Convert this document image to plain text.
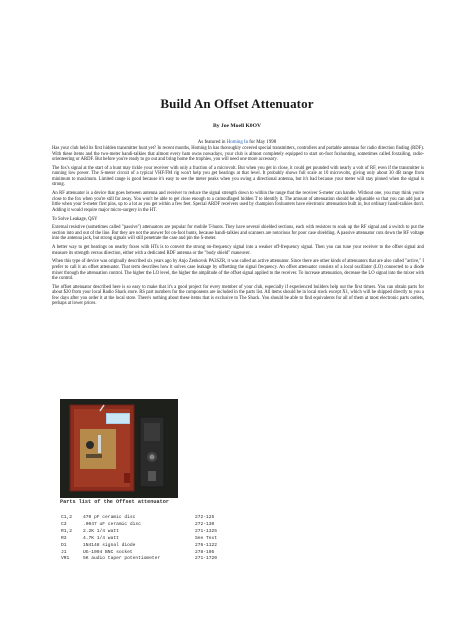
Build An Offset Attenuator
By Joe Moell K0OV
As featured in Homing In for May 1998

Has your club held its first hidden transmitter hunt yet? In recent months, Homing In has thoroughly covered special transmitters, controllers and portable antennas for radio direction finding (RDF). With these items and the two-meter handi-talkies that almost every ham owns nowadays, your club is almost completely equipped to start on-foot foxhunting, sometimes called foxtailing, radio-orienteering or ARDF. But before you're ready to go out and bring home the trophies, you will need one more accessory.

The fox's signal at the start of a hunt may tickle your receiver with only a fraction of a microvolt. But when you get in close, it could get pounded with nearly a volt of RF, even if the transmitter is running low power. The S-meter circuit of a typical VHF/FM rig won't help you get bearings at that level. It probably shows full scale at 10 microvolts, giving only about 30 dB range from minimum to maximum. Limited range is good because it's easy to see the meter peaks when you swing a directional antenna, but it's bad because your meter will stay pinned when the signal is strong.

An RF attenuator is a device that goes between antenna and receiver to reduce the signal strength down to within the range that the receiver S-meter can handle. Without one, you may think you're close to the fox when you're still far away. You won't be able to get close enough to a camouflaged hidden T to identify it. The amount of attenuation should be adjustable so that you can add just a little when your S-meter first pins, up to a lot as you get within a few feet. Special ARDF receivers used by champion foxhunters have electronic attenuation built in, but ordinary handi-talkies don't. Adding it would require major micro-surgery in the HT.

To Solve Leakage, QSY

External resistive (sometimes called "passive") attenuators are popular for mobile T-hunts. They have several shielded sections, each with resistors to soak up the RF signal and a switch to put the section into and out of the line. But they are not the answer for on-foot hunts, because handi-talkies and scanners are notorious for poor case shielding. A passive attenuator cuts down the RF voltage into the antenna jack, but strong signals will still penetrate the case and pin the S-meter.

A better way to get bearings on nearby foxes with HTs is to convert the strong on-frequency signal into a weaker off-frequency signal. Then you can tune your receiver to the offset signal and measure its strength versus direction, either with a dedicated RDF antenna or the "body shield" maneuver.

When this type of device was originally described six years ago by Anjo Zenkovsk PA3SZR, it was called an active attenuator. Since there are other kinds of attenuators that are also called "active," I prefer to call it an offset attenuator. That term describes how it solves case leakage by offsetting the signal frequency. An offset attenuator consists of a local oscillator (LO) connected to a diode mixer through the attenuation control. The higher the LO level, the higher the amplitude of the offset signal applied to the receiver. To increase attenuation, decrease the LO signal into the mixer with the control.

The offset attenuator described here is so easy to make that it's a good project for every member of your club, especially if experienced builders help out the first timers. You can obtain parts for about $20 from your local Radio Shack store. RS part numbers for the components are included in the parts list. All items should be in local stock except X1, which will be shipped directly to you a few days after you order it at the local store. There's nothing about these items that is exclusive to The Shack. You should be able to find equivalents for all of them at most electronic parts outlets, perhaps at lower prices.

Parts list of the Offset attenuator
C1,2	470 pF ceramic disc	272-125
C3	.0047 uF ceramic disc	272-130
R1,2	2.2K 1/4 watt	271-1325
R3	4.7K 1/4 watt	See Text
D1	1N4148 signal diode	276-1122
J1	UG-1094 BNC socket	278-105
VR1	5K audio taper potentiometer	271-1720
